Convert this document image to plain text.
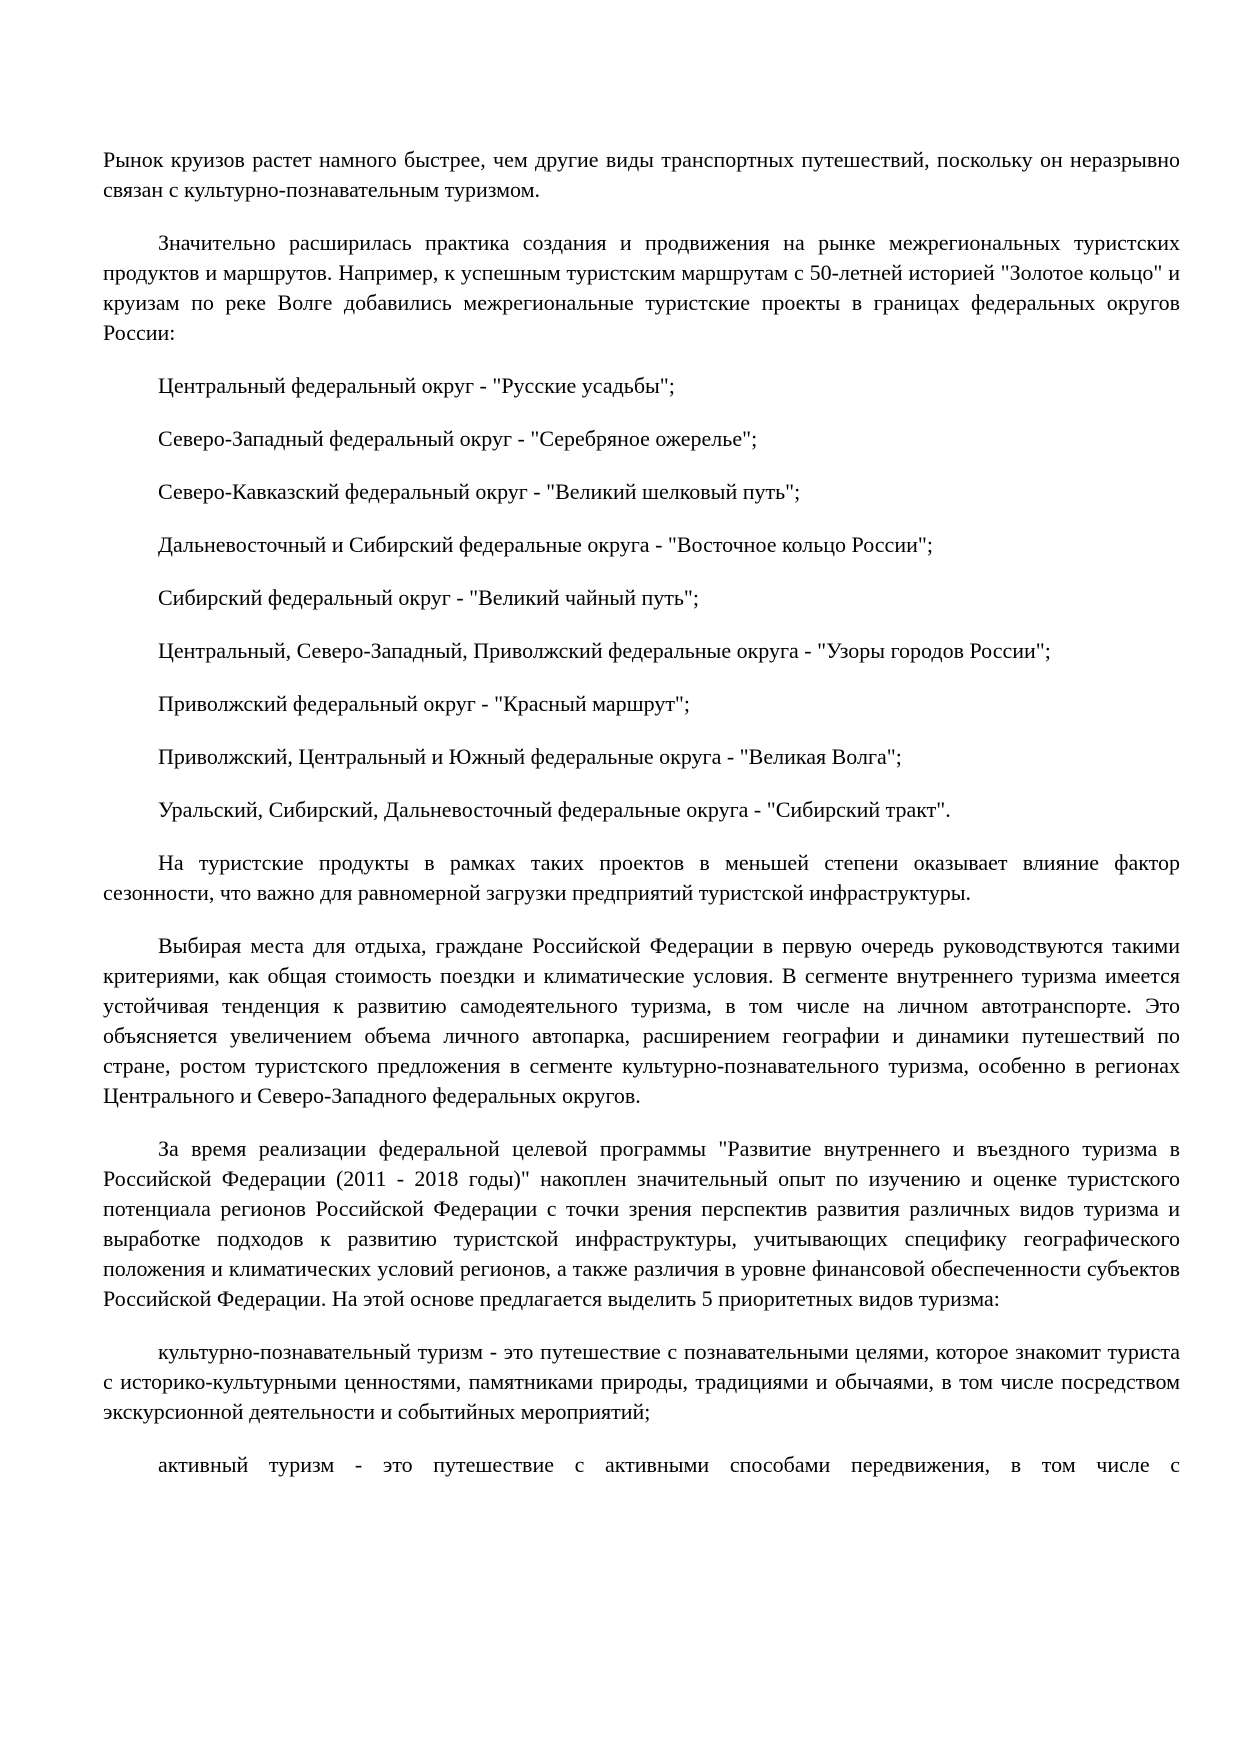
Рынок круизов растет намного быстрее, чем другие виды транспортных путешествий, поскольку он неразрывно связан с культурно-познавательным туризмом.

Значительно расширилась практика создания и продвижения на рынке межрегиональных туристских продуктов и маршрутов. Например, к успешным туристским маршрутам с 50-летней историей "Золотое кольцо" и круизам по реке Волге добавились межрегиональные туристские проекты в границах федеральных округов России:

Центральный федеральный округ - "Русские усадьбы";

Северо-Западный федеральный округ - "Серебряное ожерелье";

Северо-Кавказский федеральный округ - "Великий шелковый путь";

Дальневосточный и Сибирский федеральные округа - "Восточное кольцо России";

Сибирский федеральный округ - "Великий чайный путь";

Центральный, Северо-Западный, Приволжский федеральные округа - "Узоры городов России";

Приволжский федеральный округ - "Красный маршрут";

Приволжский, Центральный и Южный федеральные округа - "Великая Волга";

Уральский, Сибирский, Дальневосточный федеральные округа - "Сибирский тракт".

На туристские продукты в рамках таких проектов в меньшей степени оказывает влияние фактор сезонности, что важно для равномерной загрузки предприятий туристской инфраструктуры.

Выбирая места для отдыха, граждане Российской Федерации в первую очередь руководствуются такими критериями, как общая стоимость поездки и климатические условия. В сегменте внутреннего туризма имеется устойчивая тенденция к развитию самодеятельного туризма, в том числе на личном автотранспорте. Это объясняется увеличением объема личного автопарка, расширением географии и динамики путешествий по стране, ростом туристского предложения в сегменте культурно-познавательного туризма, особенно в регионах Центрального и Северо-Западного федеральных округов.

За время реализации федеральной целевой программы "Развитие внутреннего и въездного туризма в Российской Федерации (2011 - 2018 годы)" накоплен значительный опыт по изучению и оценке туристского потенциала регионов Российской Федерации с точки зрения перспектив развития различных видов туризма и выработке подходов к развитию туристской инфраструктуры, учитывающих специфику географического положения и климатических условий регионов, а также различия в уровне финансовой обеспеченности субъектов Российской Федерации. На этой основе предлагается выделить 5 приоритетных видов туризма:

культурно-познавательный туризм - это путешествие с познавательными целями, которое знакомит туриста с историко-культурными ценностями, памятниками природы, традициями и обычаями, в том числе посредством экскурсионной деятельности и событийных мероприятий;

активный туризм - это путешествие с активными способами передвижения, в том числе с
